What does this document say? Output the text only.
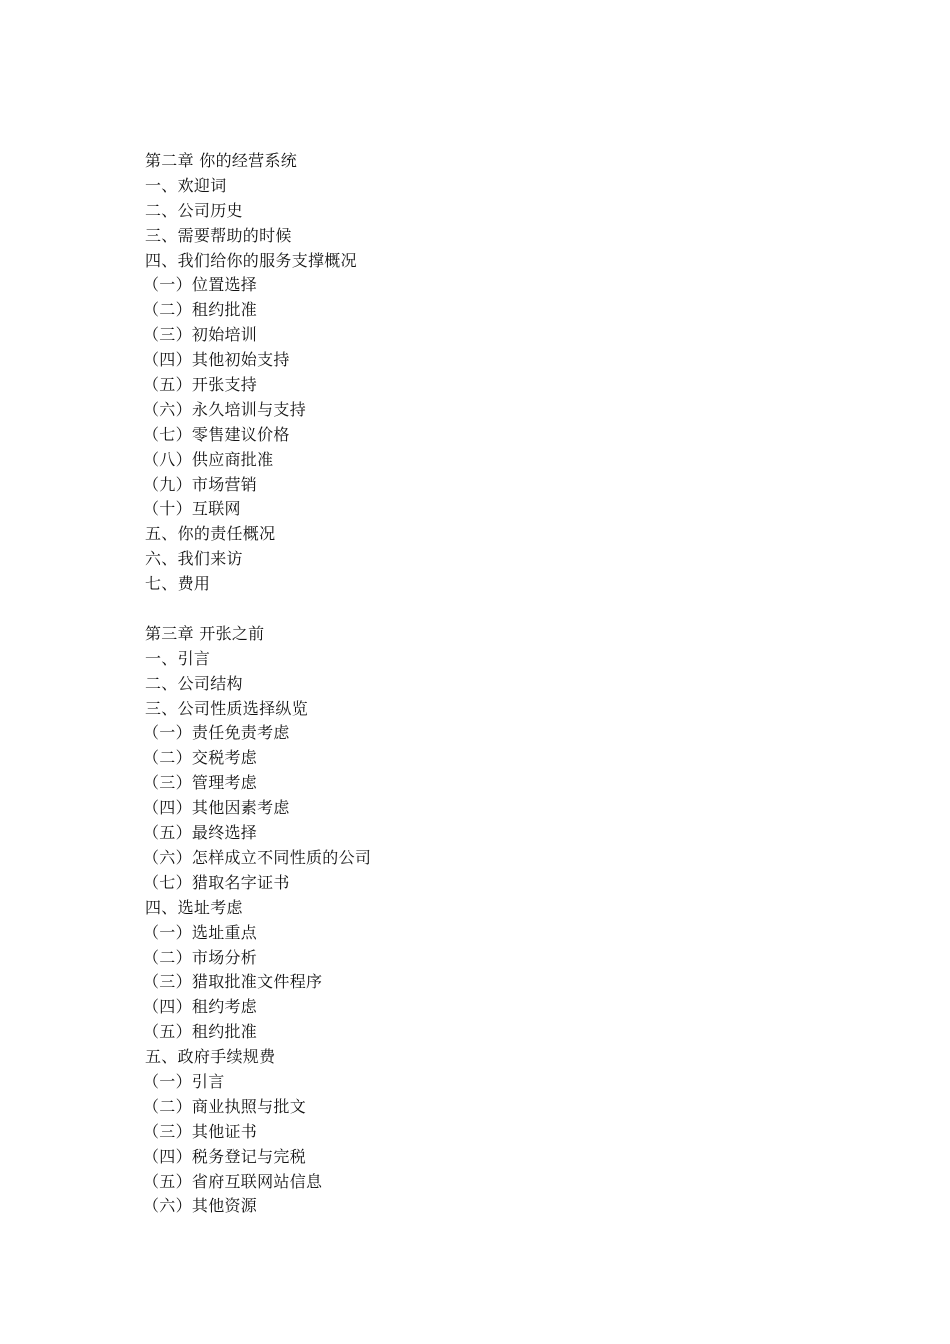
第二章 你的经营系统
一、欢迎词
二、公司历史
三、需要帮助的时候
四、我们给你的服务支撑概况
（一）位置选择
（二）租约批准
（三）初始培训
（四）其他初始支持
（五）开张支持
（六）永久培训与支持
（七）零售建议价格
（八）供应商批准
（九）市场营销
（十）互联网
五、你的责任概况
六、我们来访
七、费用
第三章 开张之前
一、引言
二、公司结构
三、公司性质选择纵览
（一）责任免责考虑
（二）交税考虑
（三）管理考虑
（四）其他因素考虑
（五）最终选择
（六）怎样成立不同性质的公司
（七）猎取名字证书
四、选址考虑
（一）选址重点
（二）市场分析
（三）猎取批准文件程序
（四）租约考虑
（五）租约批准
五、政府手续规费
（一）引言
（二）商业执照与批文
（三）其他证书
（四）税务登记与完税
（五）省府互联网站信息
（六）其他资源
